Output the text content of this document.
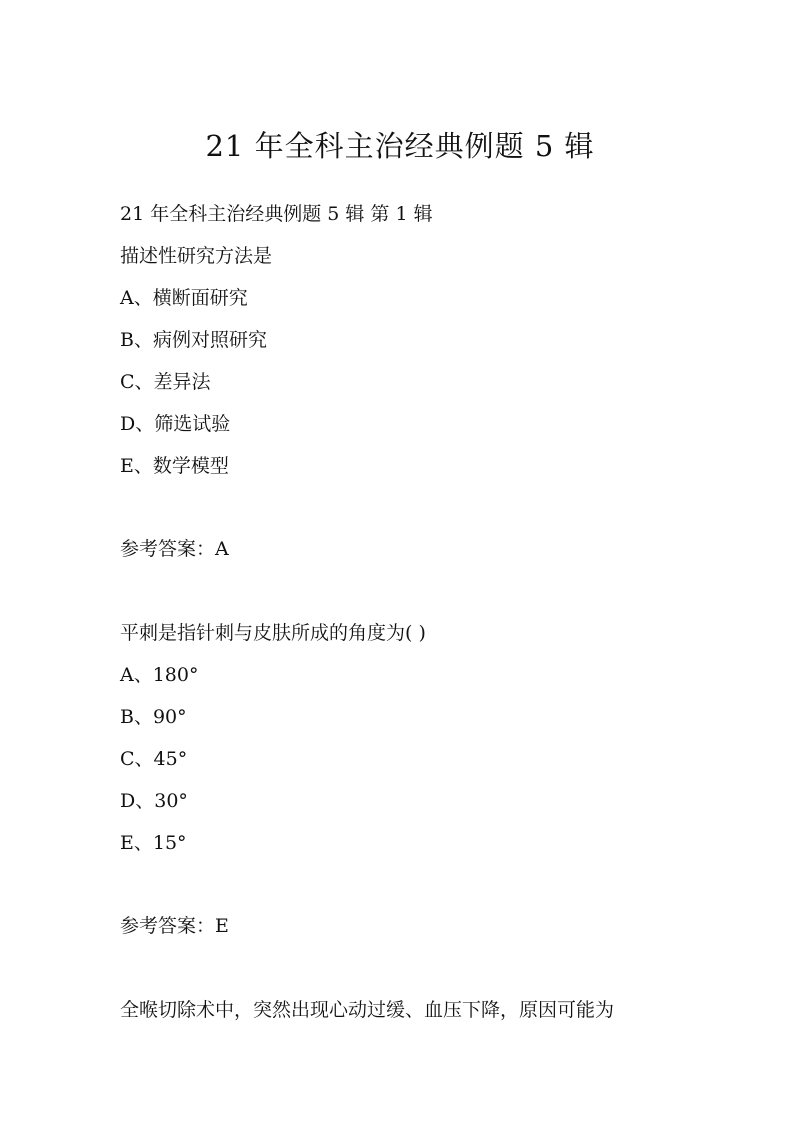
21 年全科主治经典例题 5 辑
21 年全科主治经典例题 5 辑 第 1 辑
描述性研究方法是
A、横断面研究
B、病例对照研究
C、差异法
D、筛选试验
E、数学模型
参考答案：A
平刺是指针刺与皮肤所成的角度为( )
A、180°
B、90°
C、45°
D、30°
E、15°
参考答案：E
全喉切除术中，突然出现心动过缓、血压下降，原因可能为
